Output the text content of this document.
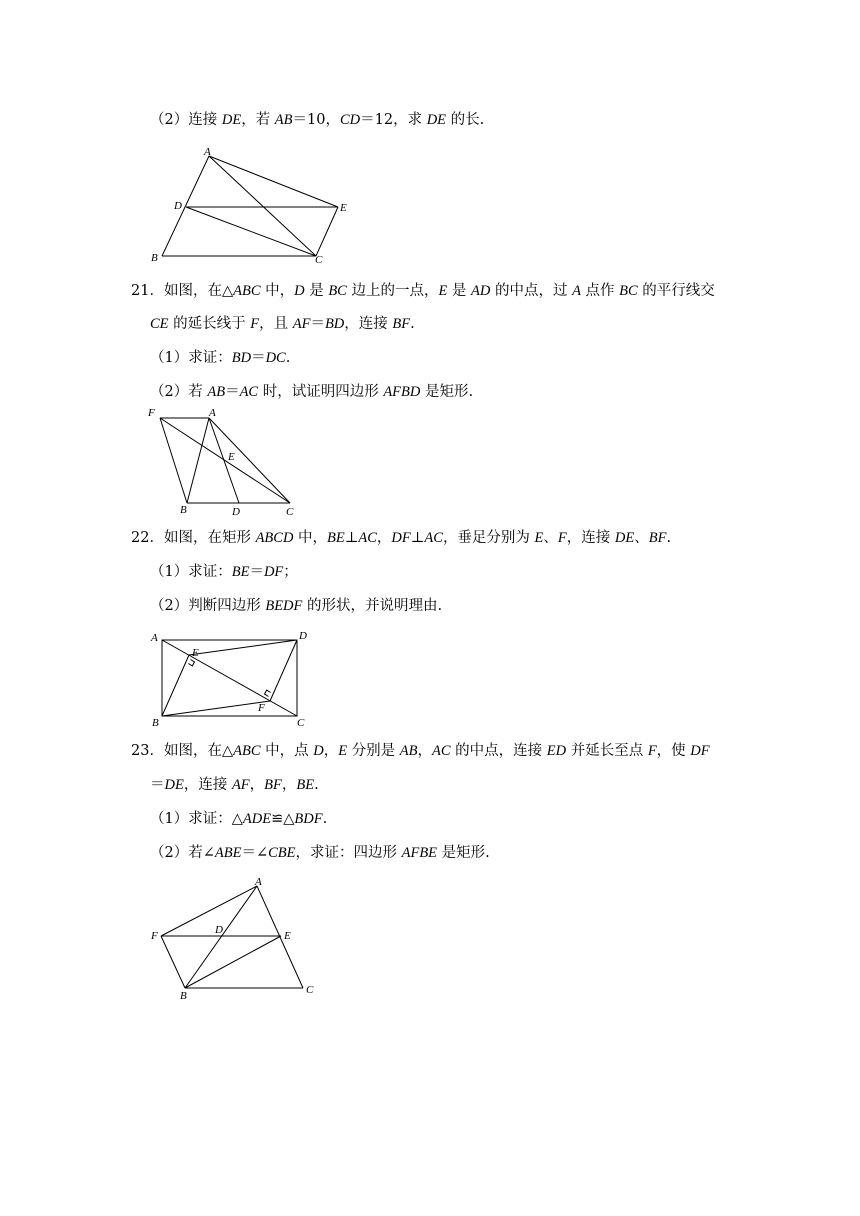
（2）连接 DE，若 AB＝10，CD＝12，求 DE 的长.
A
D	E
B	C
21．如图，在△ABC 中，D 是 BC 边上的一点，E 是 AD 的中点，过 A 点作 BC 的平行线交
CE 的延长线于 F，且 AF＝BD，连接 BF.
（1）求证：BD＝DC.
（2）若 AB＝AC 时，试证明四边形 AFBD 是矩形.
F	A
E
B	D	C
22．如图，在矩形 ABCD 中，BE⊥AC，DF⊥AC，垂足分别为 E、F，连接 DE、BF.
（1）求证：BE＝DF；
（2）判断四边形 BEDF 的形状，并说明理由.
A	D
E
F
B	C
23．如图，在△ABC 中，点 D，E 分别是 AB，AC 的中点，连接 ED 并延长至点 F，使 DF
＝DE，连接 AF，BF，BE.
（1）求证：△ADE≌△BDF.
（2）若∠ABE＝∠CBE，求证：四边形 AFBE 是矩形.
A
F	D	E
B	C
